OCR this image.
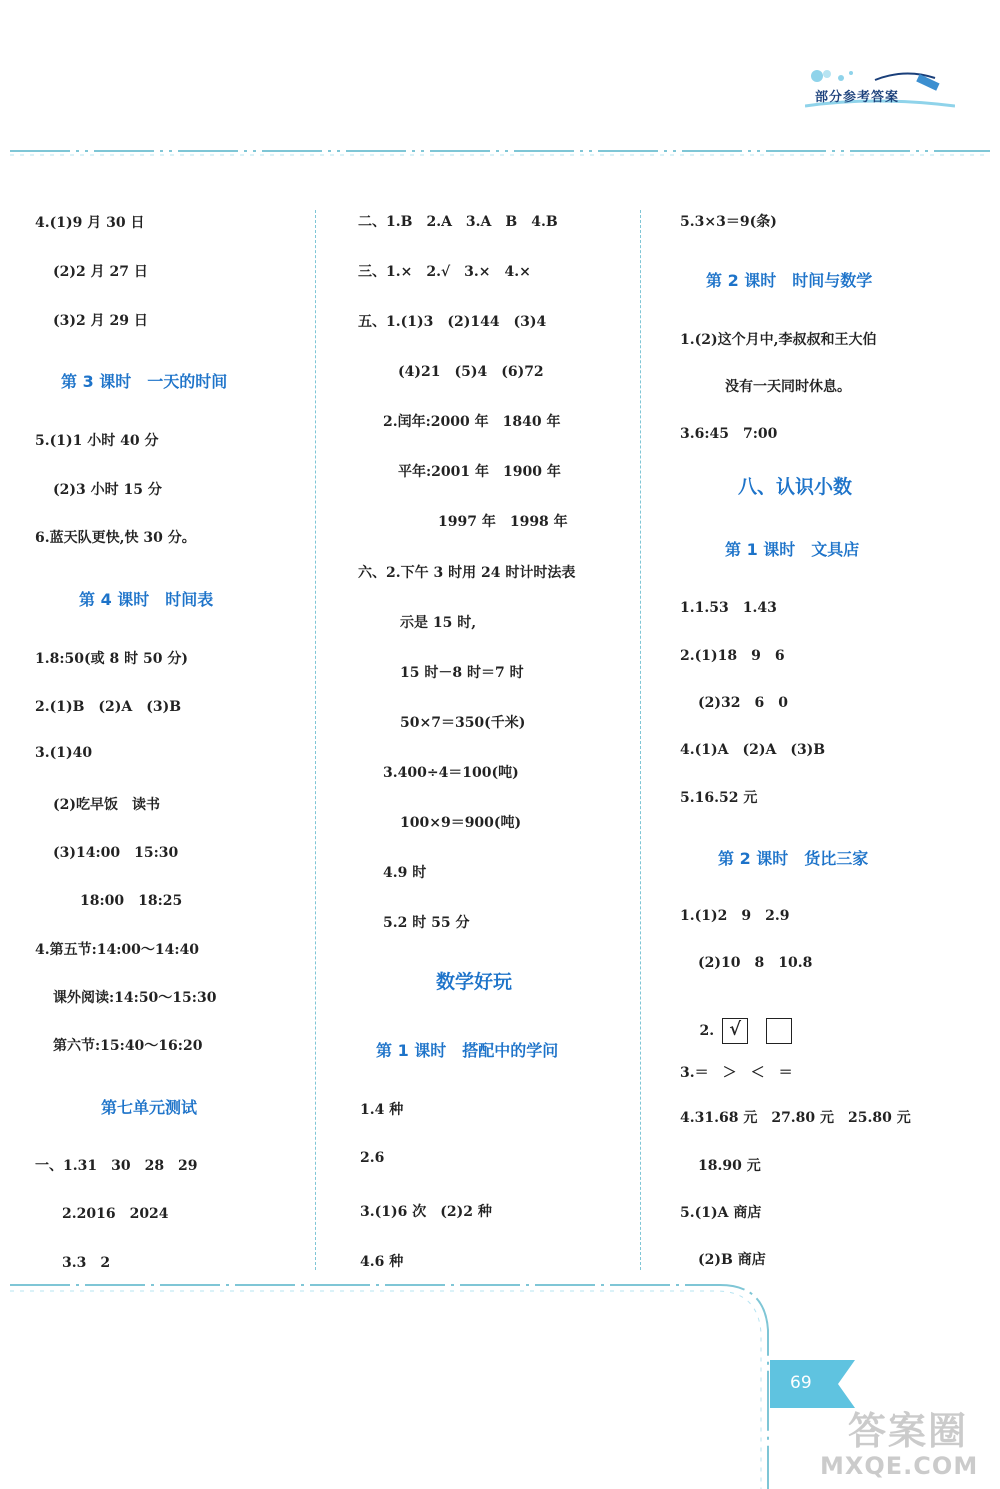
部分参考答案
4.(1)9 月 30 日
(2)2 月 27 日
(3)2 月 29 日
第 3 课时　一天的时间
5.(1)1 小时 40 分
(2)3 小时 15 分
6.蓝天队更快,快 30 分。
第 4 课时　时间表
1.8:50(或 8 时 50 分)
2.(1)B　(2)A　(3)B
3.(1)40
(2)吃早饭　读书
(3)14:00　15:30
18:00　18:25
4.第五节:14:00～14:40
课外阅读:14:50～15:30
第六节:15:40～16:20
第七单元测试
一、1.31　30　28　29
2.2016　2024
3.3　2
二、1.B　2.A　3.A　B　4.B
三、1.×　2.√　3.×　4.×
五、1.(1)3　(2)144　(3)4
(4)21　(5)4　(6)72
2.闰年:2000 年　1840 年
平年:2001 年　1900 年
1997 年　1998 年
六、2.下午 3 时用 24 时计时法表
示是 15 时,
15 时－8 时＝7 时
50×7＝350(千米)
3.400÷4＝100(吨)
100×9＝900(吨)
4.9 时
5.2 时 55 分
数学好玩
第 1 课时　搭配中的学问
1.4 种
2.6
3.(1)6 次　(2)2 种
4.6 种
5.3×3＝9(条)
第 2 课时　时间与数学
1.(2)这个月中,李叔叔和王大伯
没有一天同时休息。
3.6:45　7:00
八、认识小数
第 1 课时　文具店
1.1.53　1.43
2.(1)18　9　6
(2)32　6　0
4.(1)A　(2)A　(3)B
5.16.52 元
第 2 课时　货比三家
1.(1)2　9　2.9
(2)10　8　10.8

2. √

3.＝　＞　＜　＝
4.31.68 元　27.80 元　25.80 元
18.90 元
5.(1)A 商店
(2)B 商店
69
答案圈
MXQE.COM
